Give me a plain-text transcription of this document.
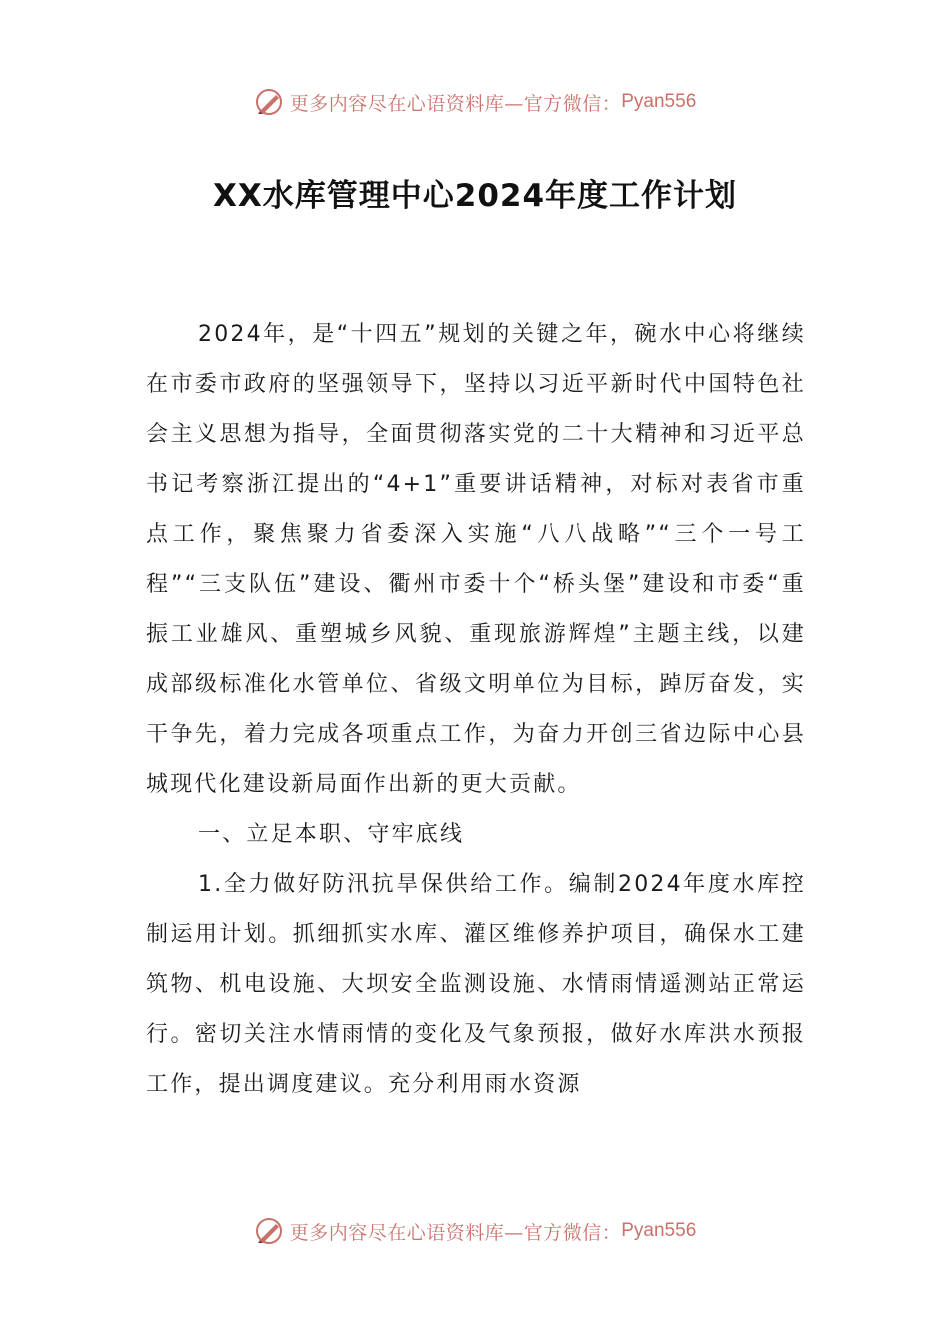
更多内容尽在心语资料库—官方微信： Pyan556
XX水库管理中心2024年度工作计划

2024年，是“十四五”规划的关键之年，碗水中心将继续在市委市政府的坚强领导下，坚持以习近平新时代中国特色社会主义思想为指导，全面贯彻落实党的二十大精神和习近平总书记考察浙江提出的“4+1”重要讲话精神，对标对表省市重点工作，聚焦聚力省委深入实施“八八战略”“三个一号工程”“三支队伍”建设、衢州市委十个“桥头堡”建设和市委“重振工业雄风、重塑城乡风貌、重现旅游辉煌”主题主线，以建成部级标准化水管单位、省级文明单位为目标，踔厉奋发，实干争先，着力完成各项重点工作，为奋力开创三省边际中心县城现代化建设新局面作出新的更大贡献。

一、立足本职、守牢底线

1.全力做好防汛抗旱保供给工作。编制2024年度水库控制运用计划。抓细抓实水库、灌区维修养护项目，确保水工建筑物、机电设施、大坝安全监测设施、水情雨情遥测站正常运行。密切关注水情雨情的变化及气象预报，做好水库洪水预报工作，提出调度建议。充分利用雨水资源

更多内容尽在心语资料库—官方微信： Pyan556
